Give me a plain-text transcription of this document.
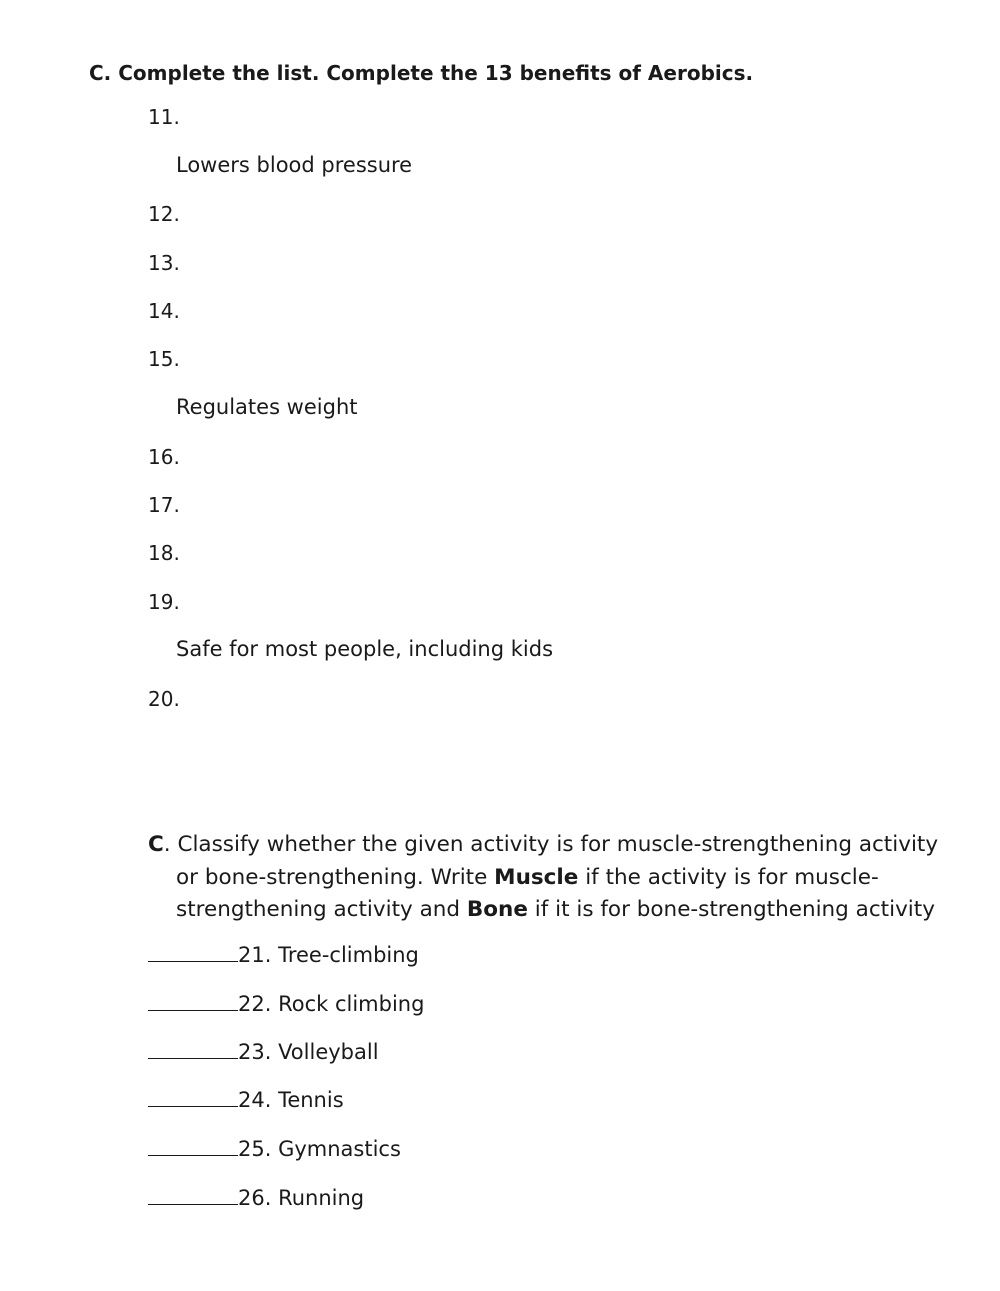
C. Complete the list. Complete the 13 benefits of Aerobics.
11.
Lowers blood pressure
12.
13.
14.
15.
Regulates weight
16.
17.
18.
19.
Safe for most people, including kids
20.
C. Classify whether the given activity is for muscle-strengthening activity
or bone-strengthening. Write Muscle if the activity is for muscle-
strengthening activity and Bone if it is for bone-strengthening activity
21. Tree-climbing
22. Rock climbing
23. Volleyball
24. Tennis
25. Gymnastics
26. Running
